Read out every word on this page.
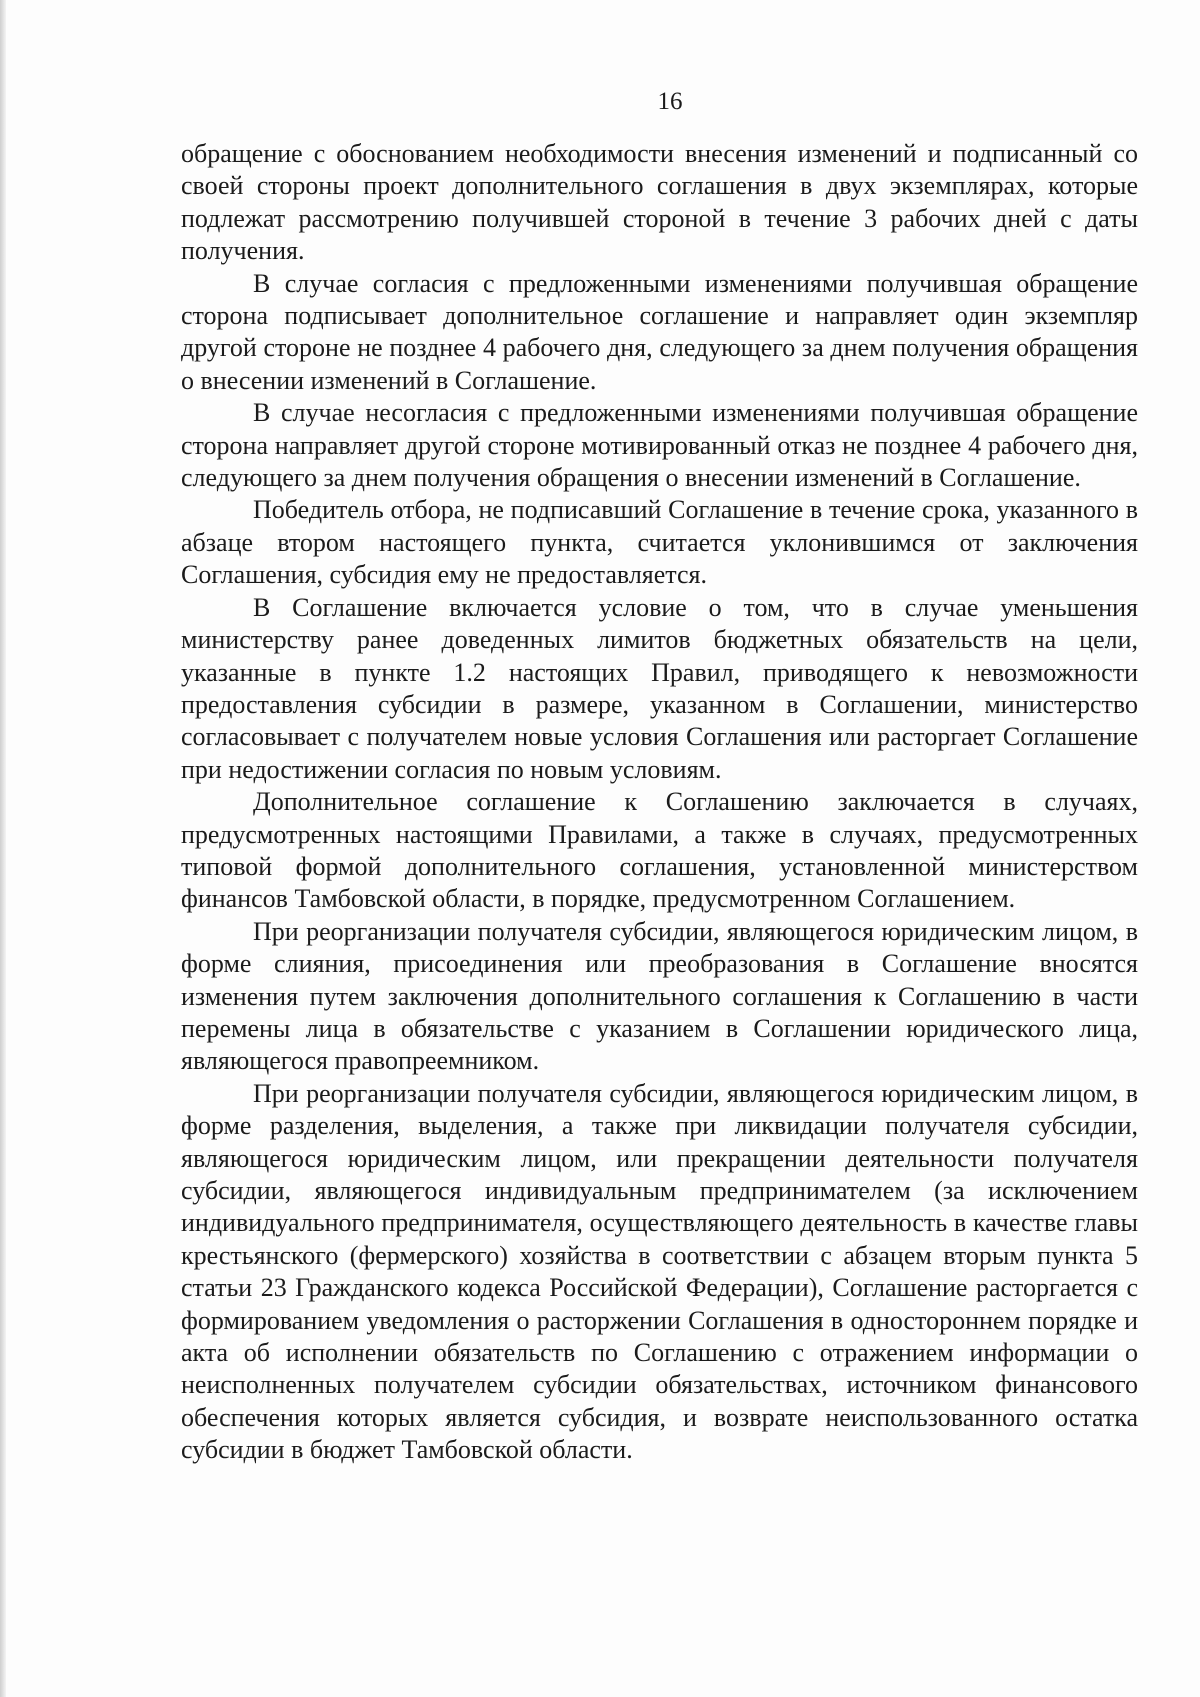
16

обращение с обоснованием необходимости внесения изменений и подписанный со своей стороны проект дополнительного соглашения в двух экземплярах, которые подлежат рассмотрению получившей стороной в течение 3 рабочих дней с даты получения.

В случае согласия с предложенными изменениями получившая обращение сторона подписывает дополнительное соглашение и направляет один экземпляр другой стороне не позднее 4 рабочего дня, следующего за днем получения обращения о внесении изменений в Соглашение.

В случае несогласия с предложенными изменениями получившая обращение сторона направляет другой стороне мотивированный отказ не позднее 4 рабочего дня, следующего за днем получения обращения о внесении изменений в Соглашение.

Победитель отбора, не подписавший Соглашение в течение срока, указанного в абзаце втором настоящего пункта, считается уклонившимся от заключения Соглашения, субсидия ему не предоставляется.

В Соглашение включается условие о том, что в случае уменьшения министерству ранее доведенных лимитов бюджетных обязательств на цели, указанные в пункте 1.2 настоящих Правил, приводящего к невозможности предоставления субсидии в размере, указанном в Соглашении, министерство согласовывает с получателем новые условия Соглашения или расторгает Соглашение при недостижении согласия по новым условиям.

Дополнительное соглашение к Соглашению заключается в случаях, предусмотренных настоящими Правилами, а также в случаях, предусмотренных типовой формой дополнительного соглашения, установленной министерством финансов Тамбовской области, в порядке, предусмотренном Соглашением.

При реорганизации получателя субсидии, являющегося юридическим лицом, в форме слияния, присоединения или преобразования в Соглашение вносятся изменения путем заключения дополнительного соглашения к Соглашению в части перемены лица в обязательстве с указанием в Соглашении юридического лица, являющегося правопреемником.

При реорганизации получателя субсидии, являющегося юридическим лицом, в форме разделения, выделения, а также при ликвидации получателя субсидии, являющегося юридическим лицом, или прекращении деятельности получателя субсидии, являющегося индивидуальным предпринимателем (за исключением индивидуального предпринимателя, осуществляющего деятельность в качестве главы крестьянского (фермерского) хозяйства в соответствии с абзацем вторым пункта 5 статьи 23 Гражданского кодекса Российской Федерации), Соглашение расторгается с формированием уведомления о расторжении Соглашения в одностороннем порядке и акта об исполнении обязательств по Соглашению с отражением информации о неисполненных получателем субсидии обязательствах, источником финансового обеспечения которых является субсидия, и возврате неиспользованного остатка субсидии в бюджет Тамбовской области.
